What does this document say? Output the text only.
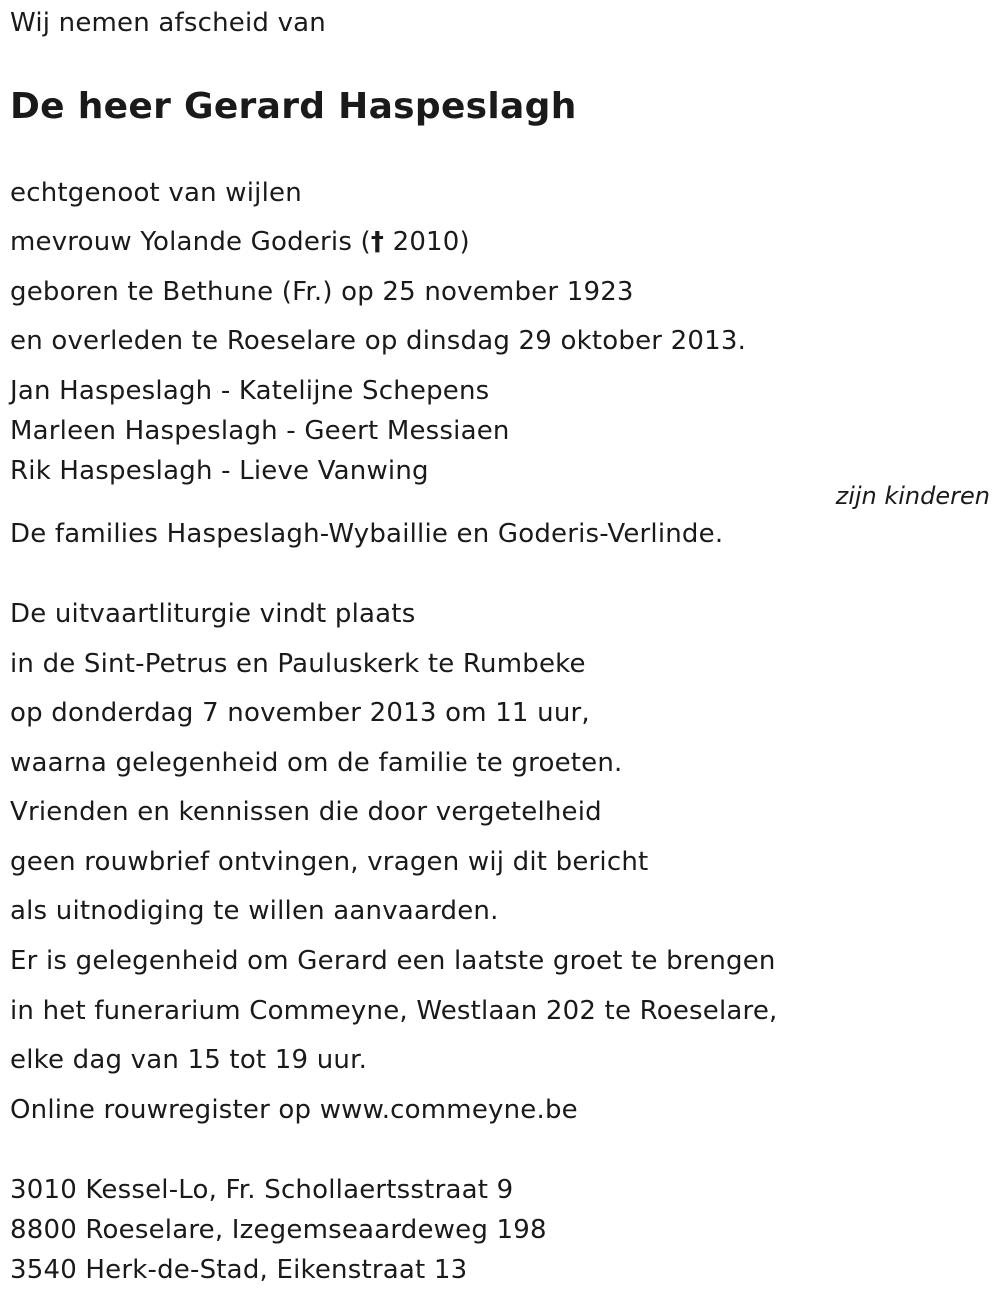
Wij nemen afscheid van
De heer Gerard Haspeslagh
echtgenoot van wijlen
mevrouw Yolande Goderis († 2010)
geboren te Bethune (Fr.) op 25 november 1923
en overleden te Roeselare op dinsdag 29 oktober 2013.
Jan Haspeslagh - Katelijne Schepens
Marleen Haspeslagh - Geert Messiaen
Rik Haspeslagh - Lieve Vanwing
zijn kinderen
De families Haspeslagh-Wybaillie en Goderis-Verlinde.
De uitvaartliturgie vindt plaats
in de Sint-Petrus en Pauluskerk te Rumbeke
op donderdag 7 november 2013 om 11 uur,
waarna gelegenheid om de familie te groeten.
Vrienden en kennissen die door vergetelheid
geen rouwbrief ontvingen, vragen wij dit bericht
als uitnodiging te willen aanvaarden.
Er is gelegenheid om Gerard een laatste groet te brengen
in het funerarium Commeyne, Westlaan 202 te Roeselare,
elke dag van 15 tot 19 uur.
Online rouwregister op www.commeyne.be
3010 Kessel-Lo, Fr. Schollaertsstraat 9
8800 Roeselare, Izegemseaardeweg 198
3540 Herk-de-Stad, Eikenstraat 13
